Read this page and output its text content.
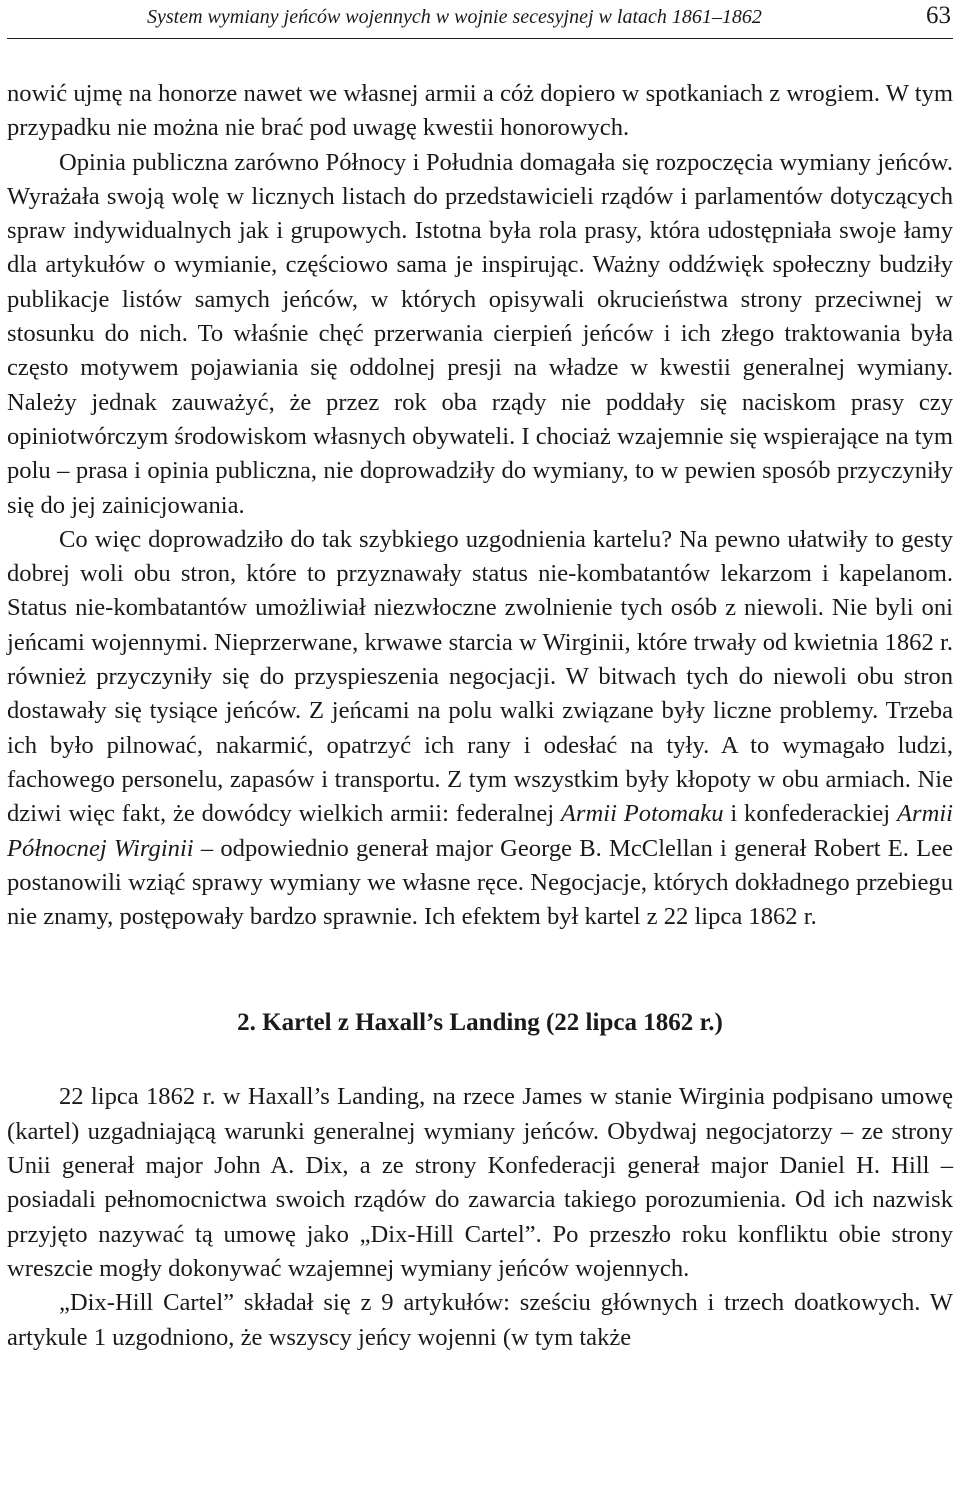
System wymiany jeńców wojennych w wojnie secesyjnej w latach 1861–1862	63

nowić ujmę na honorze nawet we własnej armii a cóż dopiero w spotkaniach z wrogiem. W tym przypadku nie można nie brać pod uwagę kwestii honorowych.

Opinia publiczna zarówno Północy i Południa domagała się rozpoczęcia wymiany jeńców. Wyrażała swoją wolę w licznych listach do przedstawicieli rządów i parlamentów dotyczących spraw indywidualnych jak i grupowych. Istotna była rola prasy, która udostępniała swoje łamy dla artykułów o wymianie, częściowo sama je inspirując. Ważny oddźwięk społeczny budziły publikacje listów samych jeńców, w których opisywali okrucieństwa strony przeciwnej w stosunku do nich. To właśnie chęć przerwania cierpień jeńców i ich złego traktowania była często motywem pojawiania się oddolnej presji na władze w kwestii generalnej wymiany. Należy jednak zauważyć, że przez rok oba rządy nie poddały się naciskom prasy czy opiniotwórczym środowiskom własnych obywateli. I chociaż wzajemnie się wspierające na tym polu – prasa i opinia publiczna, nie doprowadziły do wymiany, to w pewien sposób przyczyniły się do jej zainicjowania.

Co więc doprowadziło do tak szybkiego uzgodnienia kartelu? Na pewno ułatwiły to gesty dobrej woli obu stron, które to przyznawały status nie-kombatantów lekarzom i kapelanom. Status nie-kombatantów umożliwiał niezwłoczne zwolnienie tych osób z niewoli. Nie byli oni jeńcami wojennymi. Nieprzerwane, krwawe starcia w Wirginii, które trwały od kwietnia 1862 r. również przyczyniły się do przyspieszenia negocjacji. W bitwach tych do niewoli obu stron dostawały się tysiące jeńców. Z jeńcami na polu walki związane były liczne problemy. Trzeba ich było pilnować, nakarmić, opatrzyć ich rany i odesłać na tyły. A to wymagało ludzi, fachowego personelu, zapasów i transportu. Z tym wszystkim były kłopoty w obu armiach. Nie dziwi więc fakt, że dowódcy wielkich armii: federalnej Armii Potomaku i konfederackiej Armii Północnej Wirginii – odpowiednio generał major George B. McClellan i generał Robert E. Lee postanowili wziąć sprawy wymiany we własne ręce. Negocjacje, których dokładnego przebiegu nie znamy, postępowały bardzo sprawnie. Ich efektem był kartel z 22 lipca 1862 r.

2. Kartel z Haxall’s Landing (22 lipca 1862 r.)

22 lipca 1862 r. w Haxall’s Landing, na rzece James w stanie Wirginia podpisano umowę (kartel) uzgadniającą warunki generalnej wymiany jeńców. Obydwaj negocjatorzy – ze strony Unii generał major John A. Dix, a ze strony Konfederacji generał major Daniel H. Hill – posiadali pełnomocnictwa swoich rządów do zawarcia takiego porozumienia. Od ich nazwisk przyjęto nazywać tą umowę jako „Dix-Hill Cartel”. Po przeszło roku konfliktu obie strony wreszcie mogły dokonywać wzajemnej wymiany jeńców wojennych.

„Dix-Hill Cartel” składał się z 9 artykułów: sześciu głównych i trzech doatkowych. W artykule 1 uzgodniono, że wszyscy jeńcy wojenni (w tym także
